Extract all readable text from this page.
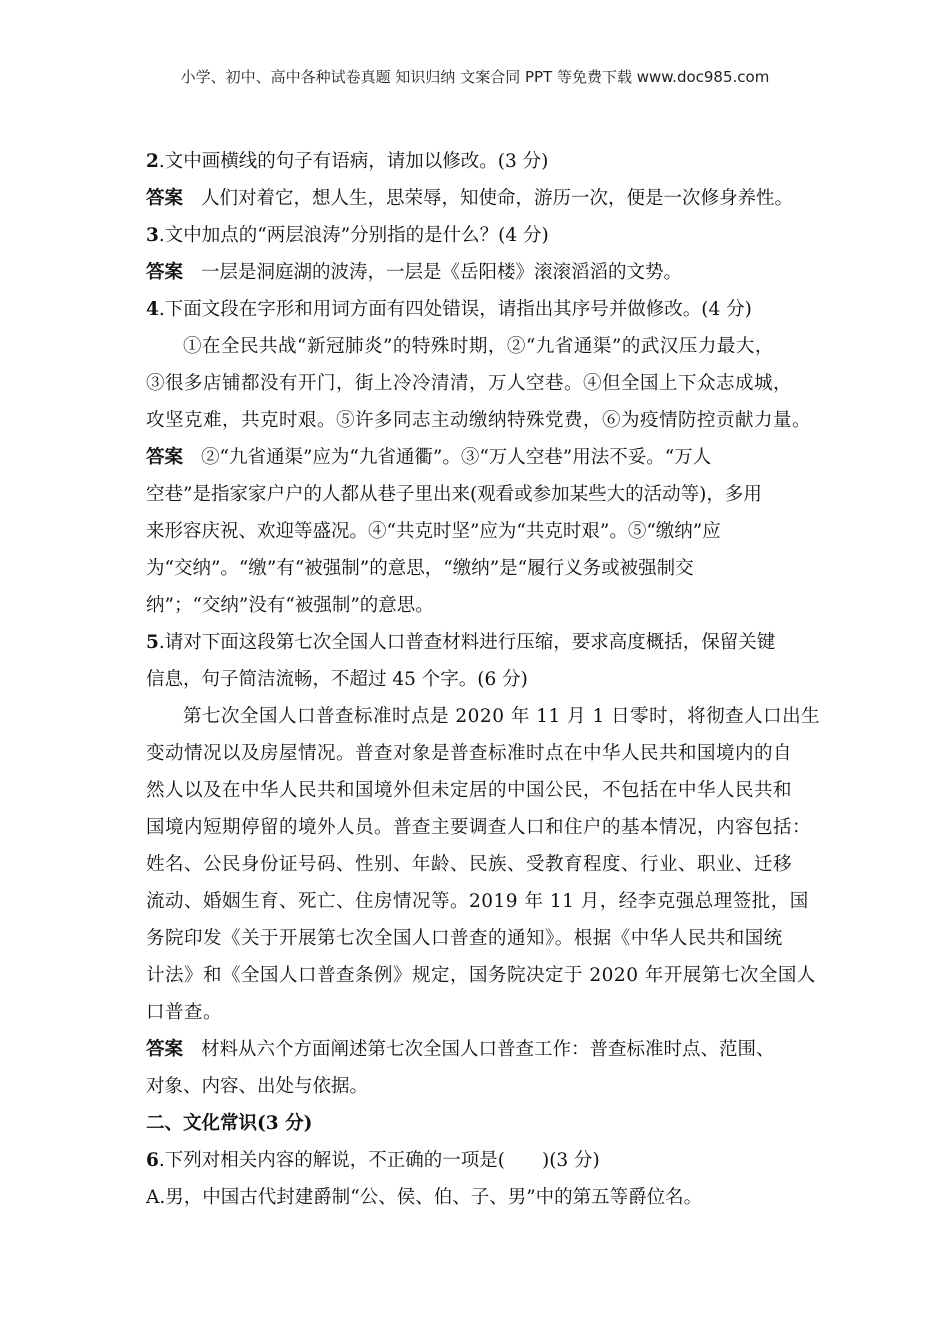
小学、初中、高中各种试卷真题 知识归纳 文案合同 PPT 等免费下载 www.doc985.com
2.文中画横线的句子有语病，请加以修改。(3 分)
答案 人们对着它，想人生，思荣辱，知使命，游历一次，便是一次修身养性。
3.文中加点的“两层浪涛”分别指的是什么？(4 分)
答案 一层是洞庭湖的波涛，一层是《岳阳楼》滚滚滔滔的文势。
4.下面文段在字形和用词方面有四处错误，请指出其序号并做修改。(4 分)
①在全民共战“新冠肺炎”的特殊时期，②“九省通渠”的武汉压力最大，
③很多店铺都没有开门，街上冷冷清清，万人空巷。④但全国上下众志成城，
攻坚克难，共克时艰。⑤许多同志主动缴纳特殊党费，⑥为疫情防控贡献力量。
答案 ②“九省通渠”应为“九省通衢”。③“万人空巷”用法不妥。“万人
空巷”是指家家户户的人都从巷子里出来(观看或参加某些大的活动等)，多用
来形容庆祝、欢迎等盛况。④“共克时坚”应为“共克时艰”。⑤“缴纳”应
为“交纳”。“缴”有“被强制”的意思，“缴纳”是“履行义务或被强制交
纳”；“交纳”没有“被强制”的意思。
5.请对下面这段第七次全国人口普查材料进行压缩，要求高度概括，保留关键
信息，句子简洁流畅，不超过 45 个字。(6 分)
第七次全国人口普查标准时点是 2020 年 11 月 1 日零时，将彻查人口出生
变动情况以及房屋情况。普查对象是普查标准时点在中华人民共和国境内的自
然人以及在中华人民共和国境外但未定居的中国公民，不包括在中华人民共和
国境内短期停留的境外人员。普查主要调查人口和住户的基本情况，内容包括：
姓名、公民身份证号码、性别、年龄、民族、受教育程度、行业、职业、迁移
流动、婚姻生育、死亡、住房情况等。2019 年 11 月，经李克强总理签批，国
务院印发《关于开展第七次全国人口普查的通知》。根据《中华人民共和国统
计法》和《全国人口普查条例》规定，国务院决定于 2020 年开展第七次全国人
口普查。
答案 材料从六个方面阐述第七次全国人口普查工作：普查标准时点、范围、
对象、内容、出处与依据。
二、文化常识(3 分)
6.下列对相关内容的解说，不正确的一项是(　　)(3 分)
A.男，中国古代封建爵制“公、侯、伯、子、男”中的第五等爵位名。
